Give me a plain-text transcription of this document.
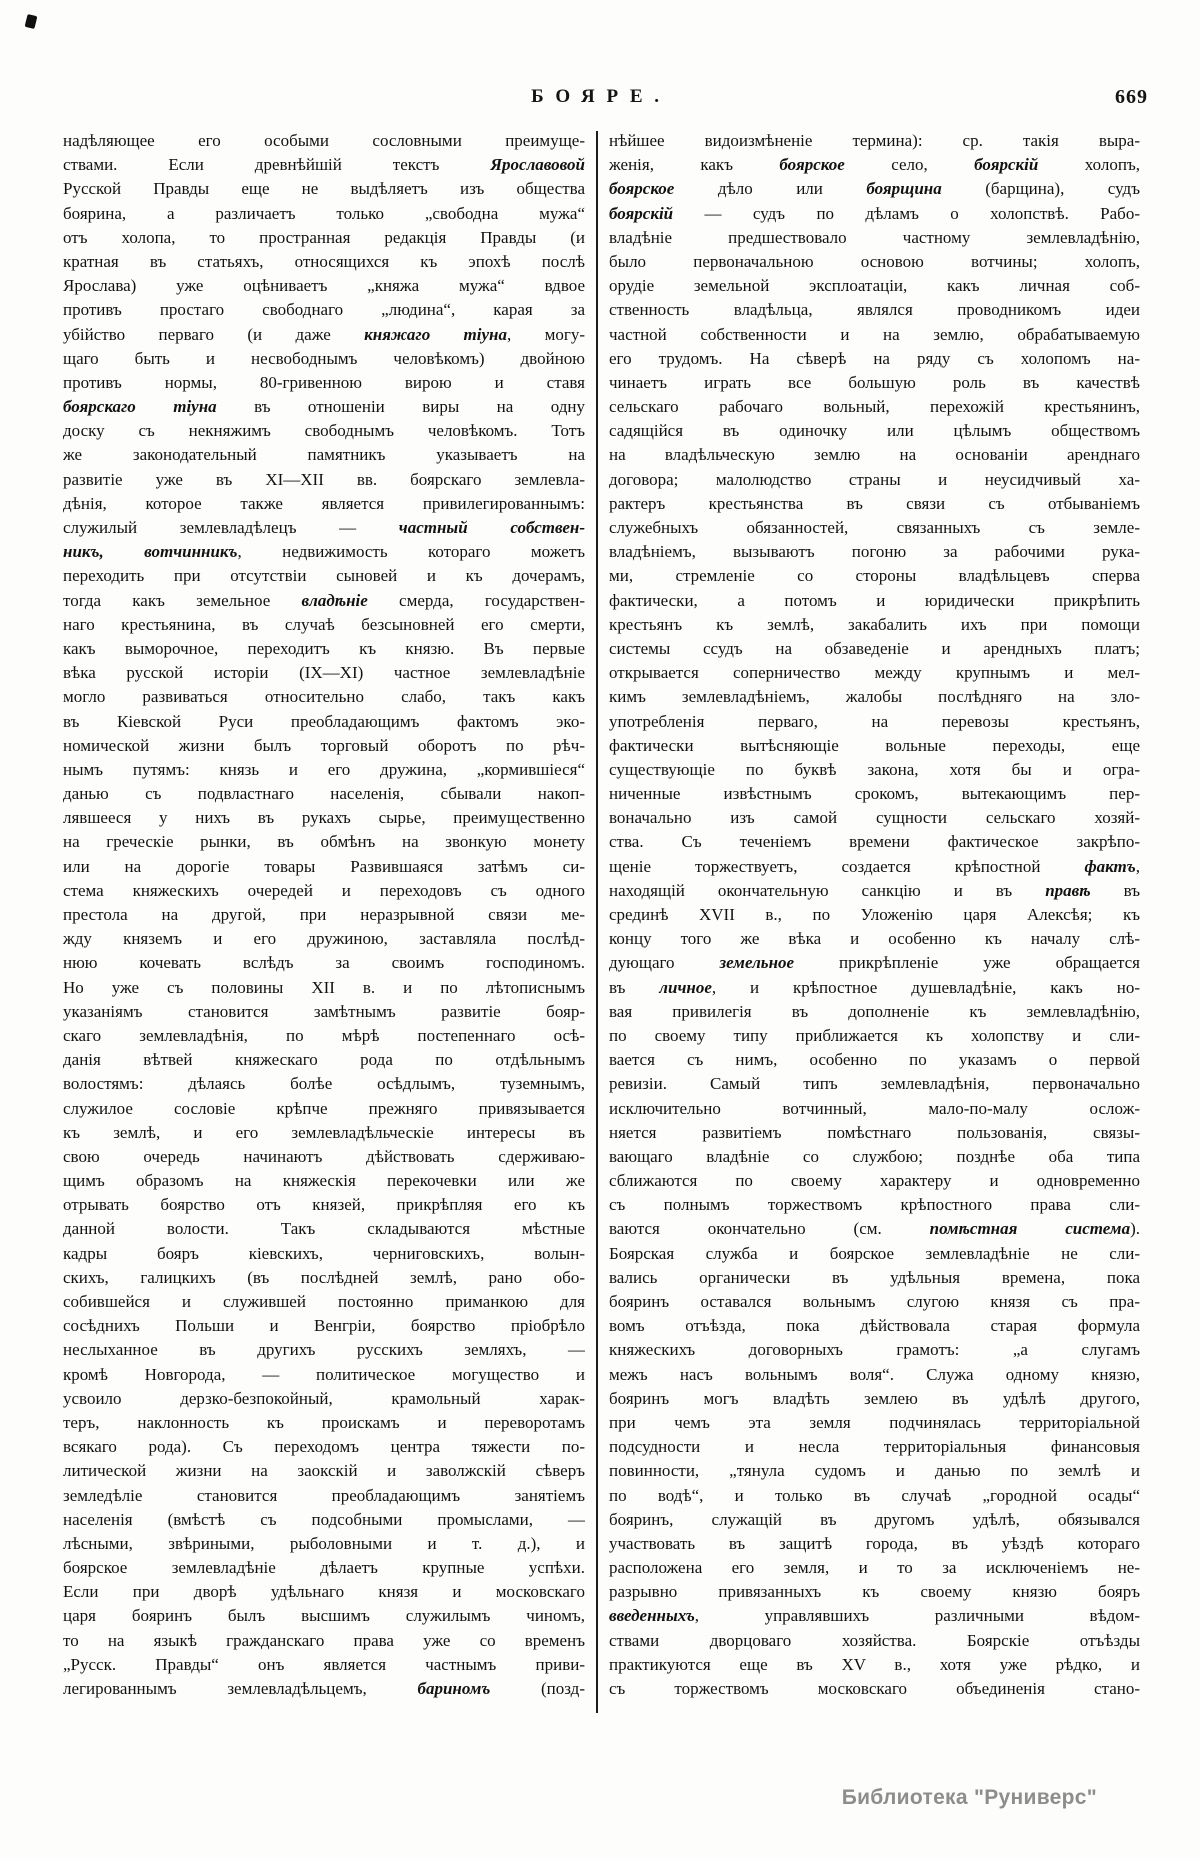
БОЯРЕ.	669
надѣляющее его особыми сословными преимуще-
ствами. Если древнѣйшій текстъ Ярославовой
Русской Правды еще не выдѣляетъ изъ общества
боярина, а различаетъ только „свободна мужа“
отъ холопа, то пространная редакція Правды (и
кратная въ статьяхъ, относящихся къ эпохѣ послѣ
Ярослава) уже оцѣниваетъ „княжа мужа“ вдвое
противъ простаго свободнаго „людина“, карая за
убійство перваго (и даже княжаго тіуна, могу-
щаго быть и несвободнымъ человѣкомъ) двойною
противъ нормы, 80-гривенною вирою и ставя
боярскаго тіуна въ отношеніи виры на одну
доску съ некняжимъ свободнымъ человѣкомъ. Тотъ
же законодательный памятникъ указываетъ на
развитіе уже въ XI—XII вв. боярскаго землевла-
дѣнія, которое также является привилегированнымъ:
служилый землевладѣлецъ — частный собствен-
никъ, вотчинникъ, недвижимость котораго можетъ
переходить при отсутствіи сыновей и къ дочерамъ,
тогда какъ земельное владѣніе смерда, государствен-
наго крестьянина, въ случаѣ безсыновней его смерти,
какъ выморочное, переходитъ къ князю. Въ первые
вѣка русской исторіи (IX—XI) частное землевладѣніе
могло развиваться относительно слабо, такъ какъ
въ Кіевской Руси преобладающимъ фактомъ эко-
номической жизни былъ торговый оборотъ по рѣч-
нымъ путямъ: князь и его дружина, „кормившіеся“
данью съ подвластнаго населенія, сбывали накоп-
лявшееся у нихъ въ рукахъ сырье, преимущественно
на греческіе рынки, въ обмѣнъ на звонкую монету
или на дорогіе товары Развившаяся затѣмъ си-
стема княжескихъ очередей и переходовъ съ одного
престола на другой, при неразрывной связи ме-
жду княземъ и его дружиною, заставляла послѣд-
нюю кочевать вслѣдъ за своимъ господиномъ.
Но уже съ половины XII в. и по лѣтописнымъ
указаніямъ становится замѣтнымъ развитіе бояр-
скаго землевладѣнія, по мѣрѣ постепеннаго осѣ-
данія вѣтвей княжескаго рода по отдѣльнымъ
волостямъ: дѣлаясь болѣе осѣдлымъ, туземнымъ,
служилое сословіе крѣпче прежняго привязывается
къ землѣ, и его землевладѣльческіе интересы въ
свою очередь начинаютъ дѣйствовать сдерживаю-
щимъ образомъ на княжескія перекочевки или же
отрывать боярство отъ князей, прикрѣпляя его къ
данной волости. Такъ складываются мѣстные
кадры бояръ кіевскихъ, черниговскихъ, волын-
скихъ, галицкихъ (въ послѣдней землѣ, рано обо-
собившейся и служившей постоянно приманкою для
сосѣднихъ Польши и Венгріи, боярство пріобрѣло
неслыханное въ другихъ русскихъ земляхъ, —
кромѣ Новгорода, — политическое могущество и
усвоило дерзко-безпокойный, крамольный харак-
теръ, наклонность къ проискамъ и переворотамъ
всякаго рода). Съ переходомъ центра тяжести по-
литической жизни на заокскій и заволжскій сѣверъ
земледѣліе становится преобладающимъ занятіемъ
населенія (вмѣстѣ съ подсобными промыслами, —
лѣсными, звѣриными, рыболовными и т. д.), и
боярское землевладѣніе дѣлаетъ крупные успѣхи.
Если при дворѣ удѣльнаго князя и московскаго
царя бояринъ былъ высшимъ служилымъ чиномъ,
то на языкѣ гражданскаго права уже со временъ
„Русск. Правды“ онъ является частнымъ приви-
легированнымъ землевладѣльцемъ, бариномъ (позд-
нѣйшее видоизмѣненіе термина): ср. такія выра-
женія, какъ боярское село, боярскій холопъ,
боярское дѣло или боярщина (барщина), судъ
боярскій — судъ по дѣламъ о холопствѣ. Рабо-
владѣніе предшествовало частному землевладѣнію,
было первоначальною основою вотчины; холопъ,
орудіе земельной эксплоатаціи, какъ личная соб-
ственность владѣльца, являлся проводникомъ идеи
частной собственности и на землю, обрабатываемую
его трудомъ. На сѣверѣ на ряду съ холопомъ на-
чинаетъ играть все большую роль въ качествѣ
сельскаго рабочаго вольный, перехожій крестьянинъ,
садящійся въ одиночку или цѣлымъ обществомъ
на владѣльческую землю на основаніи аренднаго
договора; малолюдство страны и неусидчивый ха-
рактеръ крестьянства въ связи съ отбываніемъ
служебныхъ обязанностей, связанныхъ съ земле-
владѣніемъ, вызываютъ погоню за рабочими рука-
ми, стремленіе со стороны владѣльцевъ сперва
фактически, а потомъ и юридически прикрѣпить
крестьянъ къ землѣ, закабалить ихъ при помощи
системы ссудъ на обзаведеніе и арендныхъ платъ;
открывается соперничество между крупнымъ и мел-
кимъ землевладѣніемъ, жалобы послѣдняго на зло-
употребленія перваго, на перевозы крестьянъ,
фактически вытѣсняющіе вольные переходы, еще
существующіе по буквѣ закона, хотя бы и огра-
ниченные извѣстнымъ срокомъ, вытекающимъ пер-
воначально изъ самой сущности сельскаго хозяй-
ства. Съ теченіемъ времени фактическое закрѣпо-
щеніе торжествуетъ, создается крѣпостной фактъ,
находящій окончательную санкцію и въ правѣ въ
срединѣ XVII в., по Уложенію царя Алексѣя; къ
концу того же вѣка и особенно къ началу слѣ-
дующаго земельное прикрѣпленіе уже обращается
въ личное, и крѣпостное душевладѣніе, какъ но-
вая привилегія въ дополненіе къ землевладѣнію,
по своему типу приближается къ холопству и сли-
вается съ нимъ, особенно по указамъ о первой
ревизіи. Самый типъ землевладѣнія, первоначально
исключительно вотчинный, мало-по-малу ослож-
няется развитіемъ помѣстнаго пользованія, связы-
вающаго владѣніе со службою; позднѣе оба типа
сближаются по своему характеру и одновременно
съ полнымъ торжествомъ крѣпостного права сли-
ваются окончательно (см. помѣстная система).
Боярская служба и боярское землевладѣніе не сли-
вались органически въ удѣльныя времена, пока
бояринъ оставался вольнымъ слугою князя съ пра-
вомъ отъѣзда, пока дѣйствовала старая формула
княжескихъ договорныхъ грамотъ: „а слугамъ
межъ насъ вольнымъ воля“. Служа одному князю,
бояринъ могъ владѣть землею въ удѣлѣ другого,
при чемъ эта земля подчинялась территоріальной
подсудности и несла территоріальныя финансовыя
повинности, „тянула судомъ и данью по землѣ и
по водѣ“, и только въ случаѣ „городной осады“
бояринъ, служащій въ другомъ удѣлѣ, обязывался
участвовать въ защитѣ города, въ уѣздѣ котораго
расположена его земля, и то за исключеніемъ не-
разрывно привязанныхъ къ своему князю бояръ
введенныхъ, управлявшихъ различными вѣдом-
ствами дворцоваго хозяйства. Боярскіе отъѣзды
практикуются еще въ XV в., хотя уже рѣдко, и
съ торжествомъ московскаго объединенія стано-
Библиотека "Руниверс"
